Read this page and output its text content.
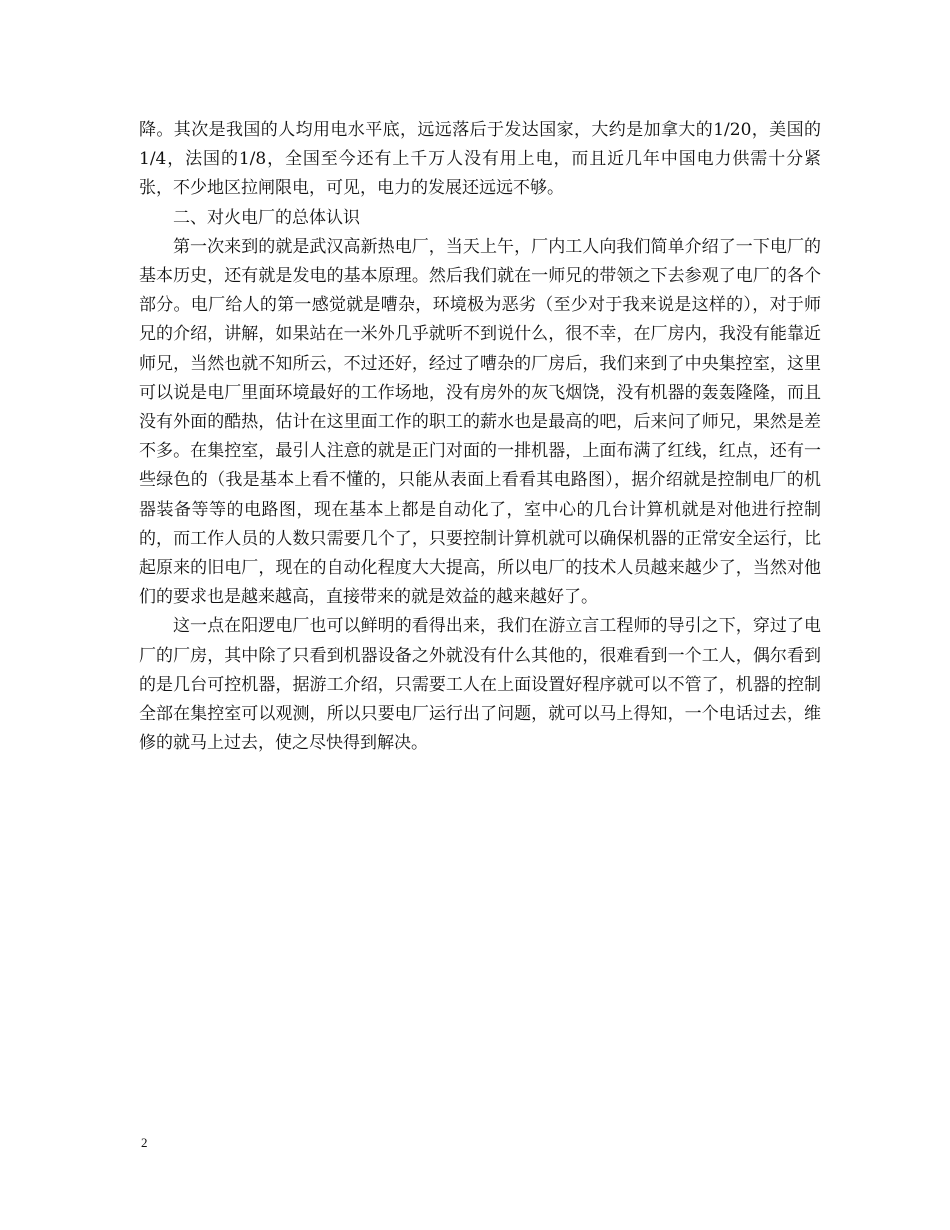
降。其次是我国的人均用电水平底，远远落后于发达国家，大约是加拿大的1/20，美国的1/4，法国的1/8，全国至今还有上千万人没有用上电，而且近几年中国电力供需十分紧张，不少地区拉闸限电，可见，电力的发展还远远不够。

二、对火电厂的总体认识

第一次来到的就是武汉高新热电厂，当天上午，厂内工人向我们简单介绍了一下电厂的基本历史，还有就是发电的基本原理。然后我们就在一师兄的带领之下去参观了电厂的各个部分。电厂给人的第一感觉就是嘈杂，环境极为恶劣（至少对于我来说是这样的），对于师兄的介绍，讲解，如果站在一米外几乎就听不到说什么，很不幸，在厂房内，我没有能靠近师兄，当然也就不知所云，不过还好，经过了嘈杂的厂房后，我们来到了中央集控室，这里可以说是电厂里面环境最好的工作场地，没有房外的灰飞烟饶，没有机器的轰轰隆隆，而且没有外面的酷热，估计在这里面工作的职工的薪水也是最高的吧，后来问了师兄，果然是差不多。在集控室，最引人注意的就是正门对面的一排机器，上面布满了红线，红点，还有一些绿色的（我是基本上看不懂的，只能从表面上看看其电路图），据介绍就是控制电厂的机器装备等等的电路图，现在基本上都是自动化了，室中心的几台计算机就是对他进行控制的，而工作人员的人数只需要几个了，只要控制计算机就可以确保机器的正常安全运行，比起原来的旧电厂，现在的自动化程度大大提高，所以电厂的技术人员越来越少了，当然对他们的要求也是越来越高，直接带来的就是效益的越来越好了。

这一点在阳逻电厂也可以鲜明的看得出来，我们在游立言工程师的导引之下，穿过了电厂的厂房，其中除了只看到机器设备之外就没有什么其他的，很难看到一个工人，偶尔看到的是几台可控机器，据游工介绍，只需要工人在上面设置好程序就可以不管了，机器的控制全部在集控室可以观测，所以只要电厂运行出了问题，就可以马上得知，一个电话过去，维修的就马上过去，使之尽快得到解决。

2
